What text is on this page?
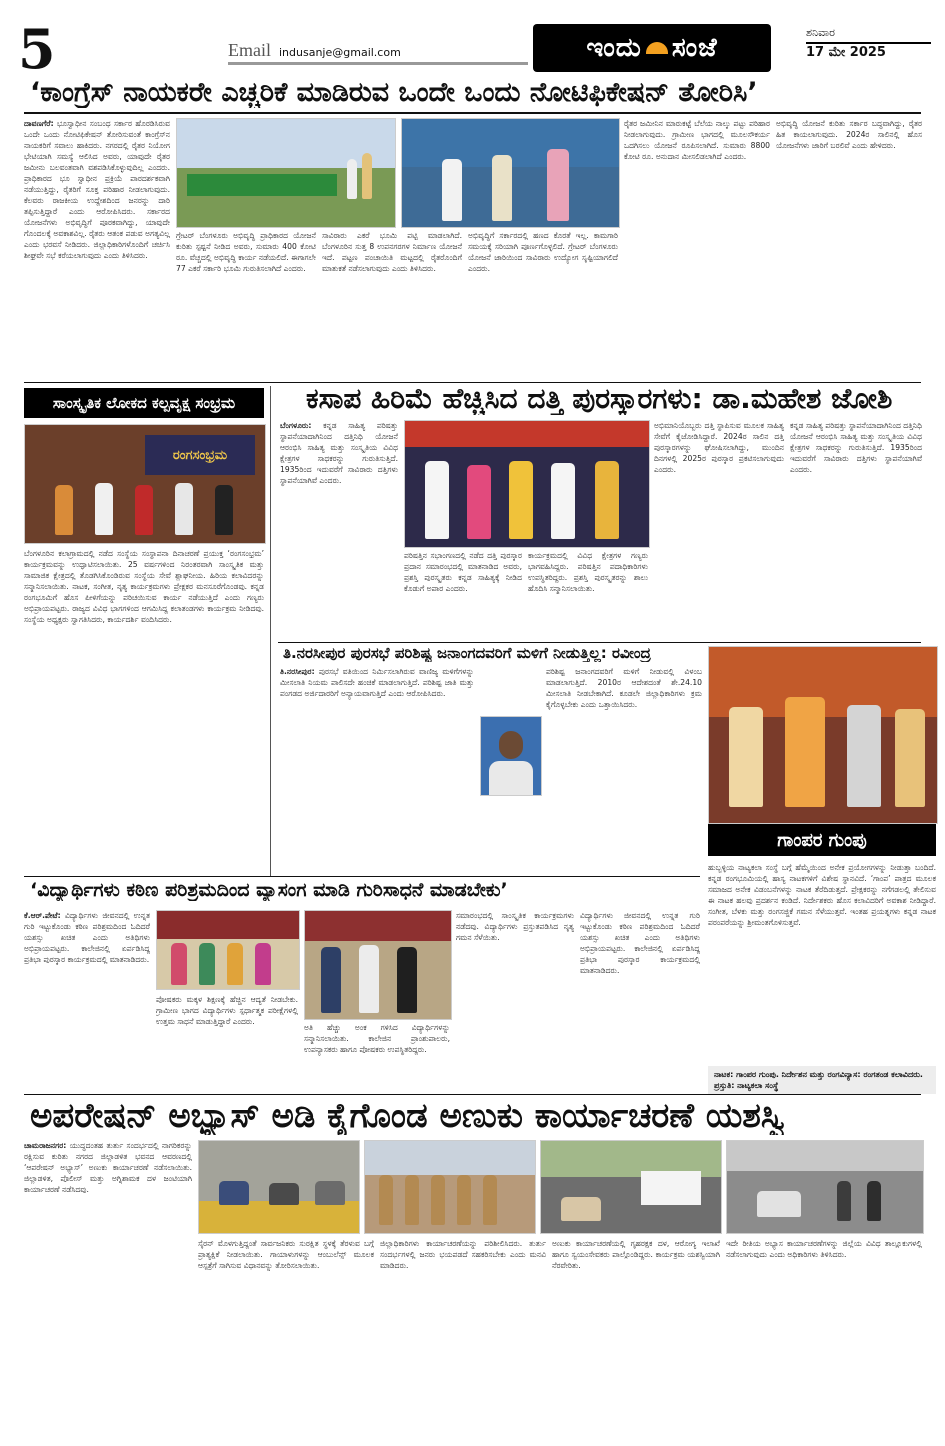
5	Email indusanje@gmail.com	ಇಂದು ಸಂಜೆ	ಶನಿವಾರ
17 ಮೇ 2025
‘ಕಾಂಗ್ರೆಸ್ ನಾಯಕರೇ ಎಚ್ಚರಿಕೆ ಮಾಡಿರುವ ಒಂದೇ ಒಂದು ನೋಟಿಫಿಕೇಷನ್ ತೋರಿಸಿ’
ದಾವಣಗೆರೆ: ಭೂಸ್ವಾಧೀನ ಸಂಬಂಧ ಸರ್ಕಾರ ಹೊರಡಿಸಿರುವ ಒಂದೇ ಒಂದು ನೋಟಿಫಿಕೇಷನ್ ತೋರಿಸುವಂತೆ ಕಾಂಗ್ರೆಸ್‌ನ ನಾಯಕರಿಗೆ ಸವಾಲು ಹಾಕಿದರು. ನಗರದಲ್ಲಿ ರೈತರ ನಿಯೋಗ ಭೇಟಿಯಾಗಿ ಸಮಸ್ಯೆ ಆಲಿಸಿದ ಅವರು, ಯಾವುದೇ ರೈತರ ಜಮೀನು ಬಲವಂತವಾಗಿ ವಶಪಡಿಸಿಕೊಳ್ಳುವುದಿಲ್ಲ ಎಂದರು. ಪ್ರಾಧಿಕಾರದ ಭೂ ಸ್ವಾಧೀನ ಪ್ರಕ್ರಿಯೆ ಪಾರದರ್ಶಕವಾಗಿ ನಡೆಯುತ್ತಿದ್ದು, ರೈತರಿಗೆ ಸೂಕ್ತ ಪರಿಹಾರ ನೀಡಲಾಗುವುದು. ಕೆಲವರು ರಾಜಕೀಯ ಉದ್ದೇಶದಿಂದ ಜನರನ್ನು ದಾರಿ ತಪ್ಪಿಸುತ್ತಿದ್ದಾರೆ ಎಂದು ಆರೋಪಿಸಿದರು. ಸರ್ಕಾರದ ಯೋಜನೆಗಳು ಅಭಿವೃದ್ಧಿಗೆ ಪೂರಕವಾಗಿದ್ದು, ಯಾವುದೇ ಗೊಂದಲಕ್ಕೆ ಅವಕಾಶವಿಲ್ಲ. ರೈತರು ಆತಂಕ ಪಡುವ ಅಗತ್ಯವಿಲ್ಲ ಎಂದು ಭರವಸೆ ನೀಡಿದರು. ಜಿಲ್ಲಾಧಿಕಾರಿಗಳೊಂದಿಗೆ ಚರ್ಚಿಸಿ ಶೀಘ್ರವೇ ಸಭೆ ಕರೆಯಲಾಗುವುದು ಎಂದು ತಿಳಿಸಿದರು.
ಗ್ರೇಟರ್ ಬೆಂಗಳೂರು ಅಭಿವೃದ್ಧಿ ಪ್ರಾಧಿಕಾರದ ಯೋಜನೆ ಕುರಿತು ಸ್ಪಷ್ಟನೆ ನೀಡಿದ ಅವರು, ಸುಮಾರು 400 ಕೋಟಿ ರೂ. ವೆಚ್ಚದಲ್ಲಿ ಅಭಿವೃದ್ಧಿ ಕಾರ್ಯ ನಡೆಯಲಿದೆ. ಈಗಾಗಲೇ 77 ಎಕರೆ ಸರ್ಕಾರಿ ಭೂಮಿ ಗುರುತಿಸಲಾಗಿದೆ ಎಂದರು.
ಸಾವಿರಾರು ಎಕರೆ ಭೂಮಿ ಪಟ್ಟಿ ಮಾಡಲಾಗಿದೆ. ಬೆಂಗಳೂರಿನ ಸುತ್ತ 8 ಉಪನಗರಗಳ ನಿರ್ಮಾಣ ಯೋಜನೆ ಇದೆ. ಪಟ್ಟಣ ಪಂಚಾಯಿತಿ ಮಟ್ಟದಲ್ಲಿ ರೈತರೊಂದಿಗೆ ಮಾತುಕತೆ ನಡೆಸಲಾಗುವುದು ಎಂದು ತಿಳಿಸಿದರು.
ಅಭಿವೃದ್ಧಿಗೆ ಸರ್ಕಾರದಲ್ಲಿ ಹಣದ ಕೊರತೆ ಇಲ್ಲ. ಕಾಮಗಾರಿ ಸಮಯಕ್ಕೆ ಸರಿಯಾಗಿ ಪೂರ್ಣಗೊಳ್ಳಲಿದೆ. ಗ್ರೇಟರ್ ಬೆಂಗಳೂರು ಯೋಜನೆ ಜಾರಿಯಿಂದ ಸಾವಿರಾರು ಉದ್ಯೋಗ ಸೃಷ್ಟಿಯಾಗಲಿದೆ ಎಂದರು.
ರೈತರ ಜಮೀನಿನ ಮಾರುಕಟ್ಟೆ ಬೆಲೆಯ ನಾಲ್ಕು ಪಟ್ಟು ಪರಿಹಾರ ನೀಡಲಾಗುವುದು. ಗ್ರಾಮೀಣ ಭಾಗದಲ್ಲಿ ಮೂಲಸೌಕರ್ಯ ಒದಗಿಸಲು ಯೋಜನೆ ರೂಪಿಸಲಾಗಿದೆ. ಸುಮಾರು 8800 ಕೋಟಿ ರೂ. ಅನುದಾನ ಮೀಸಲಿಡಲಾಗಿದೆ ಎಂದರು.
ಅಭಿವೃದ್ಧಿ ಯೋಜನೆ ಕುರಿತು ಸರ್ಕಾರ ಬದ್ಧವಾಗಿದ್ದು, ರೈತರ ಹಿತ ಕಾಯಲಾಗುವುದು. 2024ರ ಸಾಲಿನಲ್ಲಿ ಹೊಸ ಯೋಜನೆಗಳು ಜಾರಿಗೆ ಬರಲಿವೆ ಎಂದು ಹೇಳಿದರು.
ಸಾಂಸ್ಕೃತಿಕ ಲೋಕದ ಕಲ್ಪವೃಕ್ಷ ಸಂಭ್ರಮ
ರಂಗಸಂಭ್ರಮ
ಬೆಂಗಳೂರಿನ ಕಲಾಗ್ರಾಮದಲ್ಲಿ ನಡೆದ ಸಂಸ್ಥೆಯ ಸಂಸ್ಥಾಪನಾ ದಿನಾಚರಣೆ ಪ್ರಯುಕ್ತ ‘ರಂಗಸಂಭ್ರಮ’ ಕಾರ್ಯಕ್ರಮವನ್ನು ಉದ್ಘಾಟಿಸಲಾಯಿತು. 25 ವರ್ಷಗಳಿಂದ ನಿರಂತರವಾಗಿ ಸಾಂಸ್ಕೃತಿಕ ಮತ್ತು ಸಾಮಾಜಿಕ ಕ್ಷೇತ್ರದಲ್ಲಿ ತೊಡಗಿಸಿಕೊಂಡಿರುವ ಸಂಸ್ಥೆಯ ಸೇವೆ ಶ್ಲಾಘನೀಯ. ಹಿರಿಯ ಕಲಾವಿದರನ್ನು ಸನ್ಮಾನಿಸಲಾಯಿತು. ನಾಟಕ, ಸಂಗೀತ, ನೃತ್ಯ ಕಾರ್ಯಕ್ರಮಗಳು ಪ್ರೇಕ್ಷಕರ ಮನಸೂರೆಗೊಂಡವು. ಕನ್ನಡ ರಂಗಭೂಮಿಗೆ ಹೊಸ ಪೀಳಿಗೆಯನ್ನು ಪರಿಚಯಿಸುವ ಕಾರ್ಯ ನಡೆಯುತ್ತಿದೆ ಎಂದು ಗಣ್ಯರು ಅಭಿಪ್ರಾಯಪಟ್ಟರು. ರಾಜ್ಯದ ವಿವಿಧ ಭಾಗಗಳಿಂದ ಆಗಮಿಸಿದ್ದ ಕಲಾತಂಡಗಳು ಕಾರ್ಯಕ್ರಮ ನೀಡಿದವು. ಸಂಸ್ಥೆಯ ಅಧ್ಯಕ್ಷರು ಸ್ವಾಗತಿಸಿದರು, ಕಾರ್ಯದರ್ಶಿ ವಂದಿಸಿದರು.
ಕಸಾಪ ಹಿರಿಮೆ ಹೆಚ್ಚಿಸಿದ ದತ್ತಿ ಪುರಸ್ಕಾರಗಳು: ಡಾ.ಮಹೇಶ ಜೋಶಿ
ಬೆಂಗಳೂರು: ಕನ್ನಡ ಸಾಹಿತ್ಯ ಪರಿಷತ್ತು ಸ್ಥಾಪನೆಯಾದಾಗಿನಿಂದ ದತ್ತಿನಿಧಿ ಯೋಜನೆ ಆರಂಭಿಸಿ ಸಾಹಿತ್ಯ ಮತ್ತು ಸಂಸ್ಕೃತಿಯ ವಿವಿಧ ಕ್ಷೇತ್ರಗಳ ಸಾಧಕರನ್ನು ಗುರುತಿಸುತ್ತಿದೆ. 1935ರಿಂದ ಇದುವರೆಗೆ ಸಾವಿರಾರು ದತ್ತಿಗಳು ಸ್ಥಾಪನೆಯಾಗಿವೆ ಎಂದರು.
ಪರಿಷತ್ತಿನ ಸಭಾಂಗಣದಲ್ಲಿ ನಡೆದ ದತ್ತಿ ಪುರಸ್ಕಾರ ಪ್ರದಾನ ಸಮಾರಂಭದಲ್ಲಿ ಮಾತನಾಡಿದ ಅವರು, ಪ್ರಶಸ್ತಿ ಪುರಸ್ಕೃತರು ಕನ್ನಡ ಸಾಹಿತ್ಯಕ್ಕೆ ನೀಡಿದ ಕೊಡುಗೆ ಅಪಾರ ಎಂದರು.
ಕಾರ್ಯಕ್ರಮದಲ್ಲಿ ವಿವಿಧ ಕ್ಷೇತ್ರಗಳ ಗಣ್ಯರು ಭಾಗವಹಿಸಿದ್ದರು. ಪರಿಷತ್ತಿನ ಪದಾಧಿಕಾರಿಗಳು ಉಪಸ್ಥಿತರಿದ್ದರು. ಪ್ರಶಸ್ತಿ ಪುರಸ್ಕೃತರನ್ನು ಶಾಲು ಹೊದಿಸಿ ಸನ್ಮಾನಿಸಲಾಯಿತು.
ಅಭಿಮಾನಿಯೊಬ್ಬರು ದತ್ತಿ ಸ್ಥಾಪಿಸುವ ಮೂಲಕ ಸಾಹಿತ್ಯ ಸೇವೆಗೆ ಕೈಜೋಡಿಸಿದ್ದಾರೆ. 2024ರ ಸಾಲಿನ ದತ್ತಿ ಪುರಸ್ಕಾರಗಳನ್ನು ಘೋಷಿಸಲಾಗಿದ್ದು, ಮುಂದಿನ ದಿನಗಳಲ್ಲಿ 2025ರ ಪುರಸ್ಕಾರ ಪ್ರಕಟಿಸಲಾಗುವುದು ಎಂದರು.
ಕನ್ನಡ ಸಾಹಿತ್ಯ ಪರಿಷತ್ತು ಸ್ಥಾಪನೆಯಾದಾಗಿನಿಂದ ದತ್ತಿನಿಧಿ ಯೋಜನೆ ಆರಂಭಿಸಿ ಸಾಹಿತ್ಯ ಮತ್ತು ಸಂಸ್ಕೃತಿಯ ವಿವಿಧ ಕ್ಷೇತ್ರಗಳ ಸಾಧಕರನ್ನು ಗುರುತಿಸುತ್ತಿದೆ. 1935ರಿಂದ ಇದುವರೆಗೆ ಸಾವಿರಾರು ದತ್ತಿಗಳು ಸ್ಥಾಪನೆಯಾಗಿವೆ ಎಂದರು.
ತಿ.ನರಸೀಪುರ ಪುರಸಭೆ ಪರಿಶಿಷ್ಟ ಜನಾಂಗದವರಿಗೆ ಮಳಿಗೆ ನೀಡುತ್ತಿಲ್ಲ: ರವೀಂದ್ರ
ತಿ.ನರಸೀಪುರ: ಪುರಸಭೆ ವತಿಯಿಂದ ನಿರ್ಮಿಸಲಾಗಿರುವ ವಾಣಿಜ್ಯ ಮಳಿಗೆಗಳನ್ನು ಮೀಸಲಾತಿ ನಿಯಮ ಪಾಲಿಸದೇ ಹಂಚಿಕೆ ಮಾಡಲಾಗುತ್ತಿದೆ. ಪರಿಶಿಷ್ಟ ಜಾತಿ ಮತ್ತು ಪಂಗಡದ ಅರ್ಜಿದಾರರಿಗೆ ಅನ್ಯಾಯವಾಗುತ್ತಿದೆ ಎಂದು ಆರೋಪಿಸಿದರು.
ಪರಿಶಿಷ್ಟ ಜನಾಂಗದವರಿಗೆ ಮಳಿಗೆ ನೀಡುವಲ್ಲಿ ವಿಳಂಬ ಮಾಡಲಾಗುತ್ತಿದೆ. 2010ರ ಆದೇಶದಂತೆ ಶೇ.24.10 ಮೀಸಲಾತಿ ನೀಡಬೇಕಾಗಿದೆ. ಕೂಡಲೇ ಜಿಲ್ಲಾಧಿಕಾರಿಗಳು ಕ್ರಮ ಕೈಗೊಳ್ಳಬೇಕು ಎಂದು ಒತ್ತಾಯಿಸಿದರು.
ಗಾಂಪರ ಗುಂಪು
ಹುಬ್ಬಳ್ಳಿಯ ನಾಟ್ಯಕಲಾ ಸಂಸ್ಥೆ ಬಗ್ಗೆ ಹೆಮ್ಮೆಯಿಂದ ಅನೇಕ ಪ್ರಯೋಗಗಳನ್ನು ನೀಡುತ್ತಾ ಬಂದಿದೆ. ಕನ್ನಡ ರಂಗಭೂಮಿಯಲ್ಲಿ ಹಾಸ್ಯ ನಾಟಕಗಳಿಗೆ ವಿಶೇಷ ಸ್ಥಾನವಿದೆ. ‘ಗಾಂಪ’ ಪಾತ್ರದ ಮೂಲಕ ಸಮಾಜದ ಅನೇಕ ವಿಡಂಬನೆಗಳನ್ನು ನಾಟಕ ತೆರೆದಿಡುತ್ತದೆ. ಪ್ರೇಕ್ಷಕರನ್ನು ನಗೆಗಡಲಲ್ಲಿ ತೇಲಿಸುವ ಈ ನಾಟಕ ಹಲವು ಪ್ರದರ್ಶನ ಕಂಡಿದೆ. ನಿರ್ದೇಶಕರು ಹೊಸ ಕಲಾವಿದರಿಗೆ ಅವಕಾಶ ನೀಡಿದ್ದಾರೆ. ಸಂಗೀತ, ಬೆಳಕು ಮತ್ತು ರಂಗಸಜ್ಜಿಕೆ ಗಮನ ಸೆಳೆಯುತ್ತವೆ. ಇಂತಹ ಪ್ರಯತ್ನಗಳು ಕನ್ನಡ ನಾಟಕ ಪರಂಪರೆಯನ್ನು ಶ್ರೀಮಂತಗೊಳಿಸುತ್ತವೆ.
ನಾಟಕ: ಗಾಂಪರ ಗುಂಪು. ನಿರ್ದೇಶನ ಮತ್ತು ರಂಗವಿನ್ಯಾಸ: ರಂಗತಂಡ ಕಲಾವಿದರು. ಪ್ರಸ್ತುತಿ: ನಾಟ್ಯಕಲಾ ಸಂಸ್ಥೆ
‘ವಿದ್ಯಾರ್ಥಿಗಳು ಕಠಿಣ ಪರಿಶ್ರಮದಿಂದ ವ್ಯಾಸಂಗ ಮಾಡಿ ಗುರಿಸಾಧನೆ ಮಾಡಬೇಕು’
ಕೆ.ಆರ್.ಪೇಟೆ: ವಿದ್ಯಾರ್ಥಿಗಳು ಜೀವನದಲ್ಲಿ ಉನ್ನತ ಗುರಿ ಇಟ್ಟುಕೊಂಡು ಕಠಿಣ ಪರಿಶ್ರಮದಿಂದ ಓದಿದರೆ ಯಶಸ್ಸು ಖಚಿತ ಎಂದು ಅತಿಥಿಗಳು ಅಭಿಪ್ರಾಯಪಟ್ಟರು. ಕಾಲೇಜಿನಲ್ಲಿ ಏರ್ಪಡಿಸಿದ್ದ ಪ್ರತಿಭಾ ಪುರಸ್ಕಾರ ಕಾರ್ಯಕ್ರಮದಲ್ಲಿ ಮಾತನಾಡಿದರು.
ಪೋಷಕರು ಮಕ್ಕಳ ಶಿಕ್ಷಣಕ್ಕೆ ಹೆಚ್ಚಿನ ಆದ್ಯತೆ ನೀಡಬೇಕು. ಗ್ರಾಮೀಣ ಭಾಗದ ವಿದ್ಯಾರ್ಥಿಗಳು ಸ್ಪರ್ಧಾತ್ಮಕ ಪರೀಕ್ಷೆಗಳಲ್ಲಿ ಉತ್ತಮ ಸಾಧನೆ ಮಾಡುತ್ತಿದ್ದಾರೆ ಎಂದರು.
ಅತಿ ಹೆಚ್ಚು ಅಂಕ ಗಳಿಸಿದ ವಿದ್ಯಾರ್ಥಿಗಳನ್ನು ಸನ್ಮಾನಿಸಲಾಯಿತು. ಕಾಲೇಜಿನ ಪ್ರಾಂಶುಪಾಲರು, ಉಪನ್ಯಾಸಕರು ಹಾಗೂ ಪೋಷಕರು ಉಪಸ್ಥಿತರಿದ್ದರು.
ಸಮಾರಂಭದಲ್ಲಿ ಸಾಂಸ್ಕೃತಿಕ ಕಾರ್ಯಕ್ರಮಗಳು ನಡೆದವು. ವಿದ್ಯಾರ್ಥಿಗಳು ಪ್ರಸ್ತುತಪಡಿಸಿದ ನೃತ್ಯ ಗಮನ ಸೆಳೆಯಿತು.
ವಿದ್ಯಾರ್ಥಿಗಳು ಜೀವನದಲ್ಲಿ ಉನ್ನತ ಗುರಿ ಇಟ್ಟುಕೊಂಡು ಕಠಿಣ ಪರಿಶ್ರಮದಿಂದ ಓದಿದರೆ ಯಶಸ್ಸು ಖಚಿತ ಎಂದು ಅತಿಥಿಗಳು ಅಭಿಪ್ರಾಯಪಟ್ಟರು. ಕಾಲೇಜಿನಲ್ಲಿ ಏರ್ಪಡಿಸಿದ್ದ ಪ್ರತಿಭಾ ಪುರಸ್ಕಾರ ಕಾರ್ಯಕ್ರಮದಲ್ಲಿ ಮಾತನಾಡಿದರು.
ಅಪರೇಷನ್ ಅಭ್ಯಾಸ್ ಅಡಿ ಕೈಗೊಂಡ ಅಣುಕು ಕಾರ್ಯಾಚರಣೆ ಯಶಸ್ವಿ
ಚಾಮರಾಜನಗರ: ಯುದ್ಧದಂತಹ ತುರ್ತು ಸಂದರ್ಭದಲ್ಲಿ ನಾಗರಿಕರನ್ನು ರಕ್ಷಿಸುವ ಕುರಿತು ನಗರದ ಜಿಲ್ಲಾಡಳಿತ ಭವನದ ಆವರಣದಲ್ಲಿ ‘ಆಪರೇಷನ್ ಅಭ್ಯಾಸ್’ ಅಣುಕು ಕಾರ್ಯಾಚರಣೆ ನಡೆಸಲಾಯಿತು. ಜಿಲ್ಲಾಡಳಿತ, ಪೊಲೀಸ್ ಮತ್ತು ಅಗ್ನಿಶಾಮಕ ದಳ ಜಂಟಿಯಾಗಿ ಕಾರ್ಯಾಚರಣೆ ನಡೆಸಿದವು.
ಸೈರನ್ ಮೊಳಗುತ್ತಿದ್ದಂತೆ ಸಾರ್ವಜನಿಕರು ಸುರಕ್ಷಿತ ಸ್ಥಳಕ್ಕೆ ತೆರಳುವ ಬಗ್ಗೆ ಪ್ರಾತ್ಯಕ್ಷಿಕೆ ನೀಡಲಾಯಿತು. ಗಾಯಾಳುಗಳನ್ನು ಆಂಬುಲೆನ್ಸ್ ಮೂಲಕ ಆಸ್ಪತ್ರೆಗೆ ಸಾಗಿಸುವ ವಿಧಾನವನ್ನು ತೋರಿಸಲಾಯಿತು.
ಜಿಲ್ಲಾಧಿಕಾರಿಗಳು ಕಾರ್ಯಾಚರಣೆಯನ್ನು ಪರಿಶೀಲಿಸಿದರು. ತುರ್ತು ಸಂದರ್ಭಗಳಲ್ಲಿ ಜನರು ಭಯಪಡದೆ ಸಹಕರಿಸಬೇಕು ಎಂದು ಮನವಿ ಮಾಡಿದರು.
ಅಣುಕು ಕಾರ್ಯಾಚರಣೆಯಲ್ಲಿ ಗೃಹರಕ್ಷಕ ದಳ, ಆರೋಗ್ಯ ಇಲಾಖೆ ಹಾಗೂ ಸ್ವಯಂಸೇವಕರು ಪಾಲ್ಗೊಂಡಿದ್ದರು. ಕಾರ್ಯಕ್ರಮ ಯಶಸ್ವಿಯಾಗಿ ನೆರವೇರಿತು.
ಇದೇ ರೀತಿಯ ಅಭ್ಯಾಸ ಕಾರ್ಯಾಚರಣೆಗಳನ್ನು ಜಿಲ್ಲೆಯ ವಿವಿಧ ತಾಲ್ಲೂಕುಗಳಲ್ಲಿ ನಡೆಸಲಾಗುವುದು ಎಂದು ಅಧಿಕಾರಿಗಳು ತಿಳಿಸಿದರು.
